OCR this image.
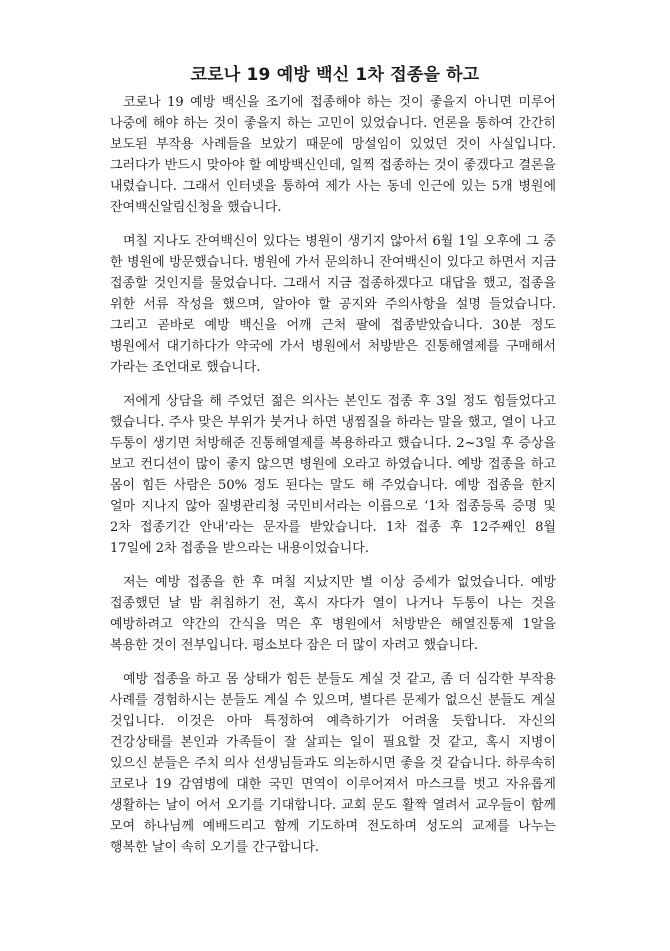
코로나 19 예방 백신 1차 접종을 하고

코로나 19 예방 백신을 조기에 접종해야 하는 것이 좋을지 아니면 미루어 나중에 해야 하는 것이 좋을지 하는 고민이 있었습니다. 언론을 통하여 간간히 보도된 부작용 사례들을 보았기 때문에 망설임이 있었던 것이 사실입니다. 그러다가 반드시 맞아야 할 예방백신인데, 일찍 접종하는 것이 좋겠다고 결론을 내렸습니다. 그래서 인터넷을 통하여 제가 사는 동네 인근에 있는 5개 병원에 잔여백신알림신청을 했습니다.

며칠 지나도 잔여백신이 있다는 병원이 생기지 않아서 6월 1일 오후에 그 중 한 병원에 방문했습니다. 병원에 가서 문의하니 잔여백신이 있다고 하면서 지금 접종할 것인지를 물었습니다. 그래서 지금 접종하겠다고 대답을 했고, 접종을 위한 서류 작성을 했으며, 알아야 할 공지와 주의사항을 설명 들었습니다. 그리고 곧바로 예방 백신을 어깨 근처 팔에 접종받았습니다. 30분 정도 병원에서 대기하다가 약국에 가서 병원에서 처방받은 진통해열제를 구매해서 가라는 조언대로 했습니다.

저에게 상담을 해 주었던 젊은 의사는 본인도 접종 후 3일 정도 힘들었다고 했습니다. 주사 맞은 부위가 붓거나 하면 냉찜질을 하라는 말을 했고, 열이 나고 두통이 생기면 처방해준 진통해열제를 복용하라고 했습니다. 2~3일 후 증상을 보고 컨디션이 많이 좋지 않으면 병원에 오라고 하였습니다. 예방 접종을 하고 몸이 힘든 사람은 50% 정도 된다는 말도 해 주었습니다. 예방 접종을 한지 얼마 지나지 않아 질병관리청 국민비서라는 이름으로 ‘1차 접종등록 증명 및 2차 접종기간 안내’라는 문자를 받았습니다. 1차 접종 후 12주째인 8월 17일에 2차 접종을 받으라는 내용이었습니다.

저는 예방 접종을 한 후 며칠 지났지만 별 이상 증세가 없었습니다. 예방 접종했던 날 밤 취침하기 전, 혹시 자다가 열이 나거나 두통이 나는 것을 예방하려고 약간의 간식을 먹은 후 병원에서 처방받은 해열진통제 1알을 복용한 것이 전부입니다. 평소보다 잠은 더 많이 자려고 했습니다.

예방 접종을 하고 몸 상태가 힘든 분들도 계실 것 같고, 좀 더 심각한 부작용 사례를 경험하시는 분들도 계실 수 있으며, 별다른 문제가 없으신 분들도 계실 것입니다. 이것은 아마 특정하여 예측하기가 어려울 듯합니다. 자신의 건강상태를 본인과 가족들이 잘 살피는 일이 필요할 것 같고, 혹시 지병이 있으신 분들은 주치 의사 선생님들과도 의논하시면 좋을 것 같습니다. 하루속히 코로나 19 감염병에 대한 국민 면역이 이루어져서 마스크를 벗고 자유롭게 생활하는 날이 어서 오기를 기대합니다. 교회 문도 활짝 열려서 교우들이 함께 모여 하나님께 예배드리고 함께 기도하며 전도하며 성도의 교제를 나누는 행복한 날이 속히 오기를 간구합니다.
